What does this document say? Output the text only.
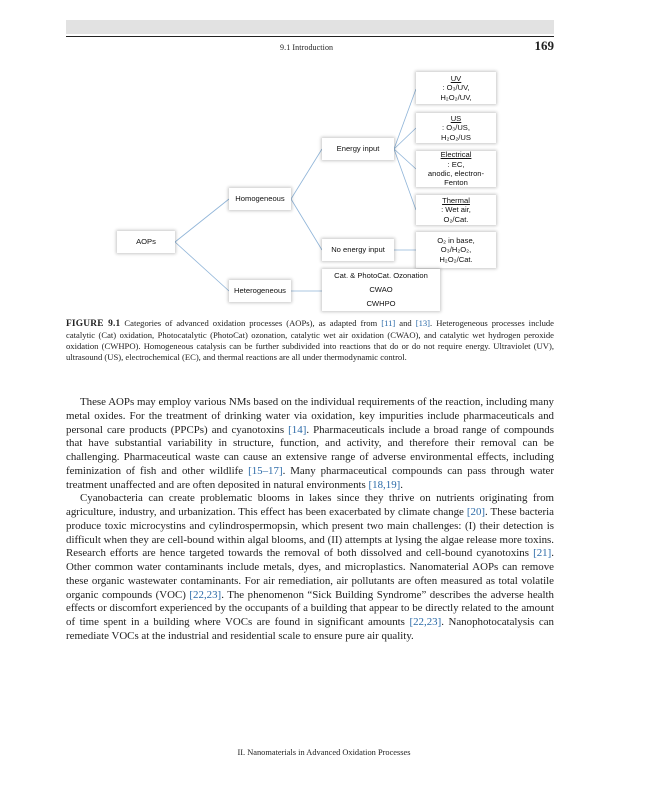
9.1 Introduction	169
AOPs
Homogeneous
Heterogeneous
Energy input
No energy input
UV
: O₃/UV,
H₂O₂/UV,
US
: O₃/US,
H₂O₂/US
Electrical
: EC,
anodic, electron-
Fenton
Thermal
: Wet air,
O₂/Cat.
O₂ in base,
O₃/H₂O₂,
H₂O₂/Cat.
Cat. & PhotoCat. Ozonation
CWAO
CWHPO
FIGURE 9.1 Categories of advanced oxidation processes (AOPs), as adapted from [11] and [13]. Heterogeneous processes include catalytic (Cat) oxidation, Photocatalytic (PhotoCat) ozonation, catalytic wet air oxidation (CWAO), and catalytic wet hydrogen peroxide oxidation (CWHPO). Homogeneous catalysis can be further subdivided into reactions that do or do not require energy. Ultraviolet (UV), ultrasound (US), electrochemical (EC), and thermal reactions are all under thermodynamic control.

These AOPs may employ various NMs based on the individual requirements of the reaction, including many metal oxides. For the treatment of drinking water via oxidation, key impurities include pharmaceuticals and personal care products (PPCPs) and cyanotoxins [14]. Pharmaceuticals include a broad range of compounds that have substantial variability in structure, function, and activity, and therefore their removal can be challenging. Pharmaceutical waste can cause an extensive range of adverse environmental effects, including feminization of fish and other wildlife [15–17]. Many pharmaceutical compounds can pass through water treatment unaffected and are often deposited in natural environments [18,19].

Cyanobacteria can create problematic blooms in lakes since they thrive on nutrients originating from agriculture, industry, and urbanization. This effect has been exacerbated by climate change [20]. These bacteria produce toxic microcystins and cylindrospermopsin, which present two main challenges: (I) their detection is difficult when they are cell-bound within algal blooms, and (II) attempts at lysing the algae release more toxins. Research efforts are hence targeted towards the removal of both dissolved and cell-bound cyanotoxins [21]. Other common water contaminants include metals, dyes, and microplastics. Nanomaterial AOPs can remove these organic wastewater contaminants. For air remediation, air pollutants are often measured as total volatile organic compounds (VOC) [22,23]. The phenomenon “Sick Building Syndrome” describes the adverse health effects or discomfort experienced by the occupants of a building that appear to be directly related to the amount of time spent in a building where VOCs are found in significant amounts [22,23]. Nanophotocatalysis can remediate VOCs at the industrial and residential scale to ensure pure air quality.

II. Nanomaterials in Advanced Oxidation Processes
